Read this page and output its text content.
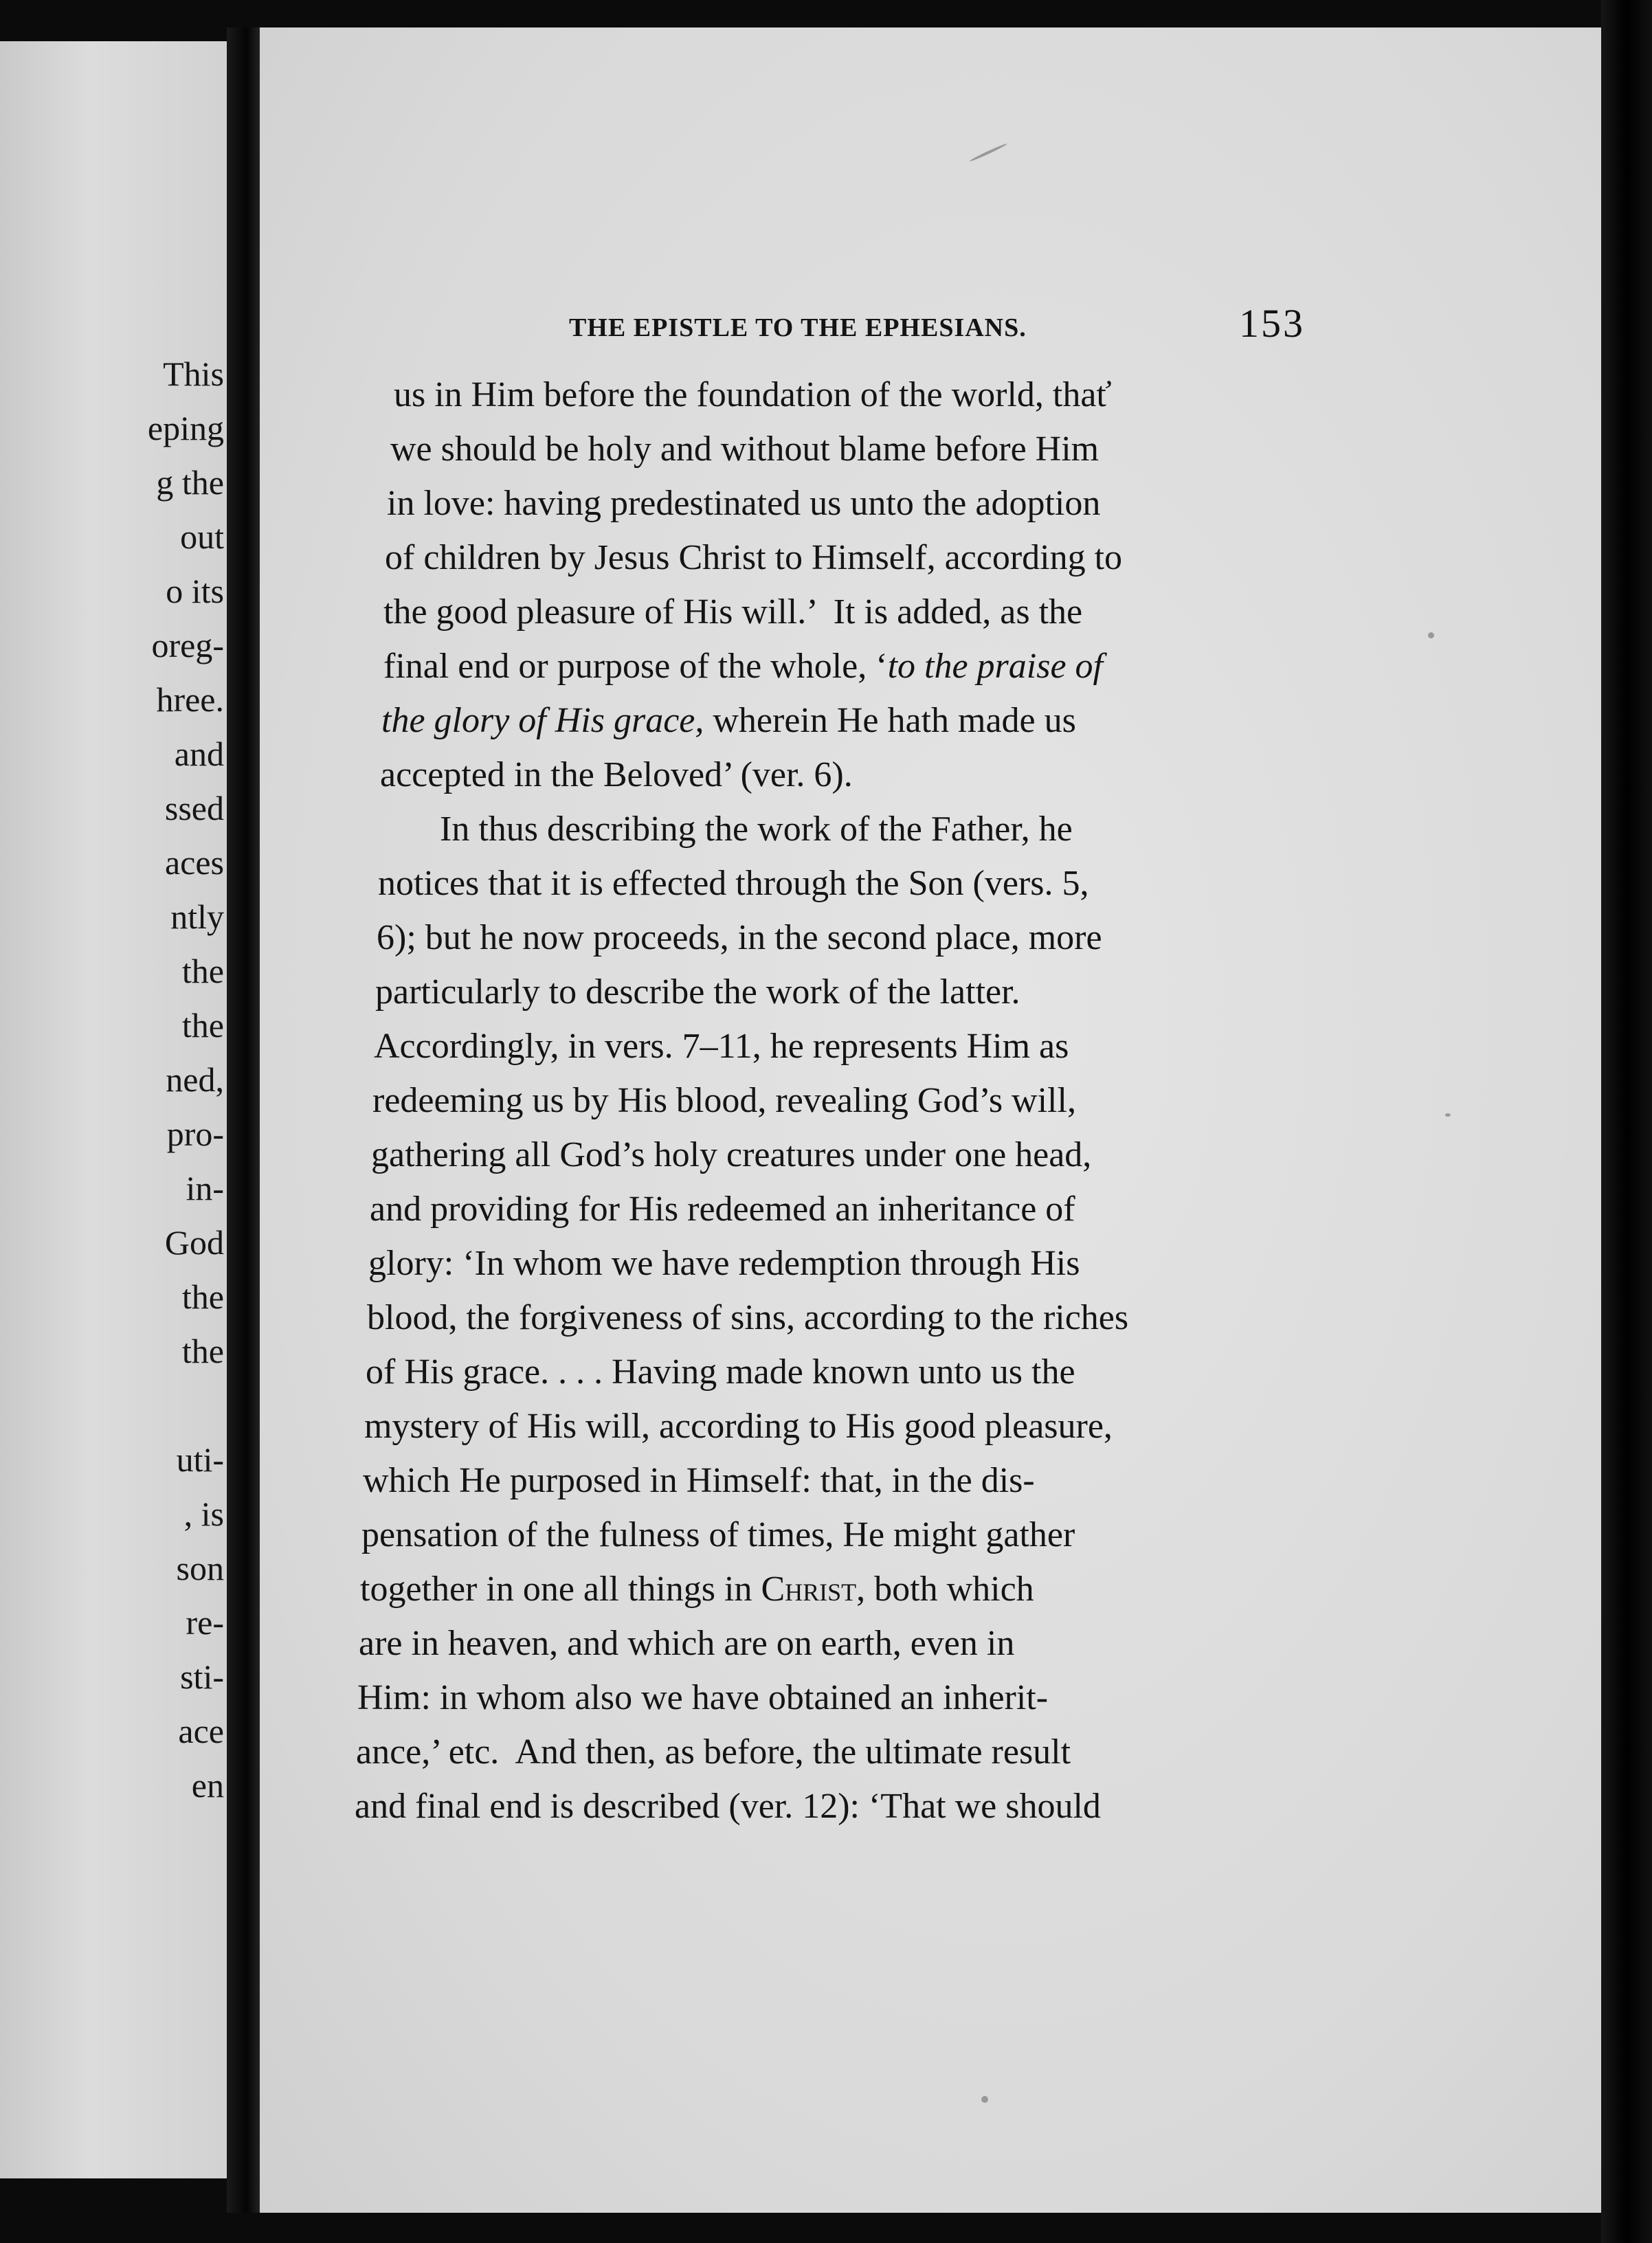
This
eping
g the
out
o its
oreg-
hree.
and
ssed
aces
ntly
the
the
ned,
pro-
in-
God
the
the
uti-
, is
son
re-
sti-
ace
en
THE EPISTLE TO THE EPHESIANS.	153
us in Him before the foundation of the world, thať
we should be holy and without blame before Him
in love: having predestinated us unto the adoption
of children by Jesus Christ to Himself, according to
the good pleasure of His will.’  It is added, as the
final end or purpose of the whole, ‘to the praise of
the glory of His grace, wherein He hath made us
accepted in the Beloved’ (ver. 6).
In thus describing the work of the Father, he
notices that it is effected through the Son (vers. 5,
6); but he now proceeds, in the second place, more
particularly to describe the work of the latter.
Accordingly, in vers. 7–11, he represents Him as
redeeming us by His blood, revealing God’s will,
gathering all God’s holy creatures under one head,
and providing for His redeemed an inheritance of
glory: ‘In whom we have redemption through His
blood, the forgiveness of sins, according to the riches
of His grace. . . . Having made known unto us the
mystery of His will, according to His good pleasure,
which He purposed in Himself: that, in the dis-
pensation of the fulness of times, He might gather
together in one all things in Christ, both which
are in heaven, and which are on earth, even in
Him: in whom also we have obtained an inherit-
ance,’ etc.  And then, as before, the ultimate result
and final end is described (ver. 12): ‘That we should
